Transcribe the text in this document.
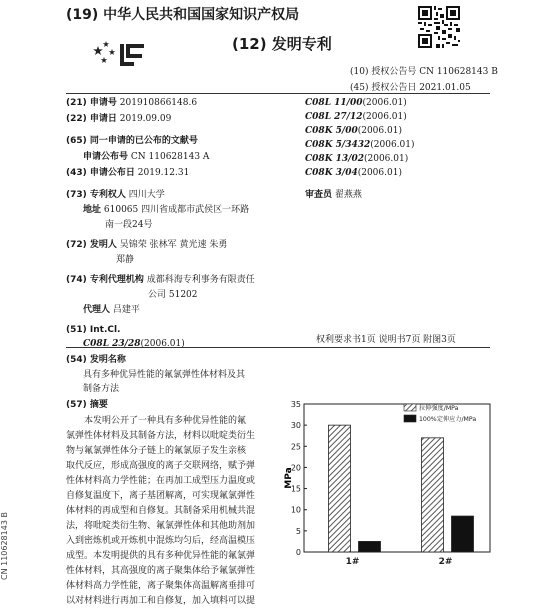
(19) 中华人民共和国国家知识产权局
(12) 发明专利
(10) 授权公告号 CN 110628143 B
(45) 授权公告日 2021.01.05
(21) 申请号 201910866148.6
(22) 申请日 2019.09.09
(65) 同一申请的已公布的文献号
申请公布号 CN 110628143 A
(43) 申请公布日 2019.12.31
(73) 专利权人 四川大学
地址 610065 四川省成都市武侯区一环路
南一段24号
(72) 发明人 吴锦荣 张林军 黄光速 朱勇
郑静
(74) 专利代理机构 成都科海专利事务有限责任
公司 51202
代理人 吕建平
(51) Int.Cl.
C08L 23/28(2006.01)
C08L 11/00(2006.01)
C08L 27/12(2006.01)
C08K 5/00(2006.01)
C08K 5/3432(2006.01)
C08K 13/02(2006.01)
C08K 3/04(2006.01)
审查员 翟燕燕
权利要求书1页 说明书7页 附图3页
(54) 发明名称
具有多种优异性能的氟氯弹性体材料及其
制备方法
(57) 摘要
本发明公开了一种具有多种优异性能的氟
氯弹性体材料及其制备方法，材料以吡啶类衍生
物与氟氯弹性体分子链上的氟氯原子发生亲核
取代反应，形成高强度的离子交联网络，赋予弹
性体材料高力学性能；在再加工成型压力温度或
自修复温度下，离子基团解离，可实现氟氯弹性
体材料的再成型和自修复。其制备采用机械共混
法，将吡啶类衍生物、氟氯弹性体和其他助剂加
入到密炼机或开炼机中混炼均匀后，经高温模压
成型。本发明提供的具有多种优异性能的氟氯弹
性体材料，其高强度的离子聚集体给予氟氯弹性
体材料高力学性能，离子聚集体高温解离垂排可
以对材料进行再加工和自修复，加入填料可以提
0
5
10
15
20
25
30
35
1#	2#
拉伸强度/MPa
100%定伸应力/MPa
MPa
CN 110628143 B
